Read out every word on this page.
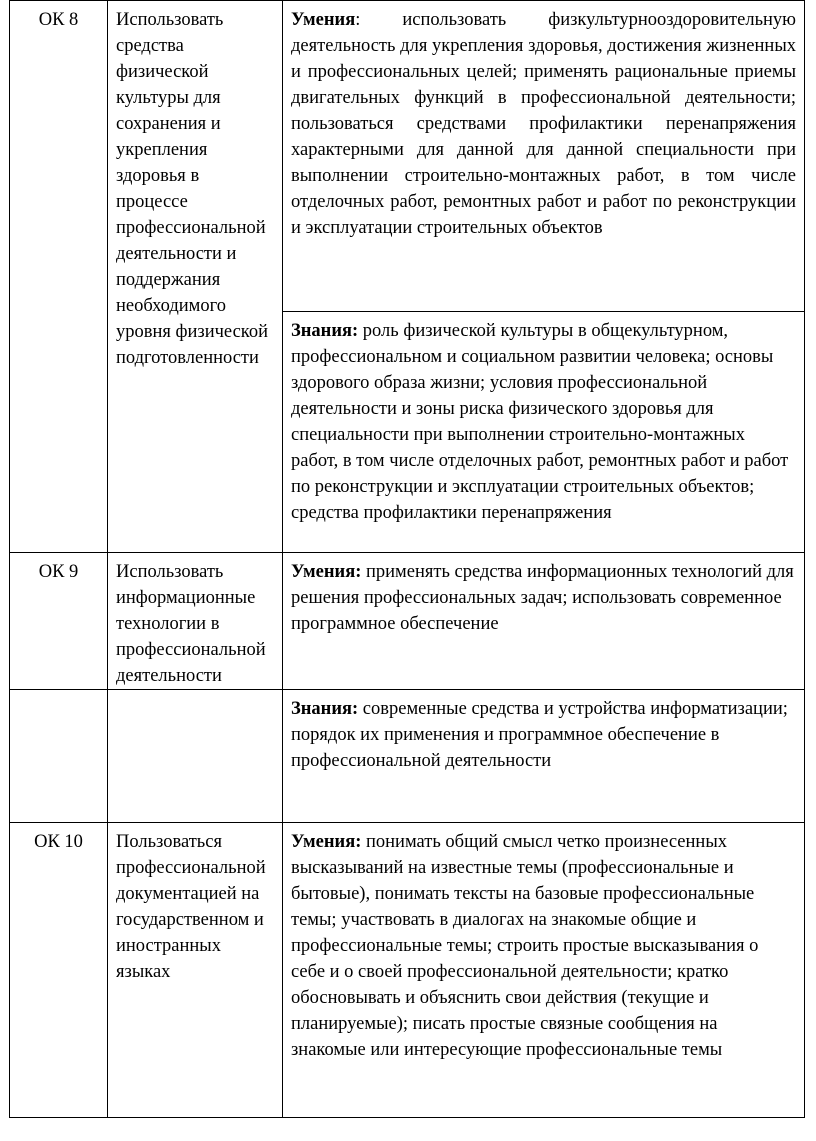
ОК 8	Использовать средства физической культуры для сохранения и укрепления здоровья в процессе профессиональной деятельности и поддержания необходимого уровня физической подготовленности	Умения: использовать физкультурнооздоровительную деятельность для укрепления здоровья, достижения жизненных и профессиональных целей; применять рациональные приемы двигательных функций в профессиональной деятельности; пользоваться средствами профилактики перенапряжения характерными для данной для данной специальности при выполнении строительно-монтажных работ, в том числе отделочных работ, ремонтных работ и работ по реконструкции и эксплуатации строительных объектов
		Знания: роль физической культуры в общекультурном, профессиональном и социальном развитии человека; основы здорового образа жизни; условия профессиональной деятельности и зоны риска физического здоровья для специальности при выполнении строительно-монтажных работ, в том числе отделочных работ, ремонтных работ и работ по реконструкции и эксплуатации строительных объектов; средства профилактики перенапряжения
ОК 9	Использовать информационные технологии в профессиональной деятельности	Умения: применять средства информационных технологий для решения профессиональных задач; использовать современное программное обеспечение
		Знания: современные средства и устройства информатизации; порядок их применения и программное обеспечение в профессиональной деятельности
ОК 10	Пользоваться профессиональной документацией на государственном и иностранных языках	Умения: понимать общий смысл четко произнесенных высказываний на известные темы (профессиональные и бытовые), понимать тексты на базовые профессиональные темы; участвовать в диалогах на знакомые общие и профессиональные темы; строить простые высказывания о себе и о своей профессиональной деятельности; кратко обосновывать и объяснить свои действия (текущие и планируемые); писать простые связные сообщения на знакомые или интересующие профессиональные темы
